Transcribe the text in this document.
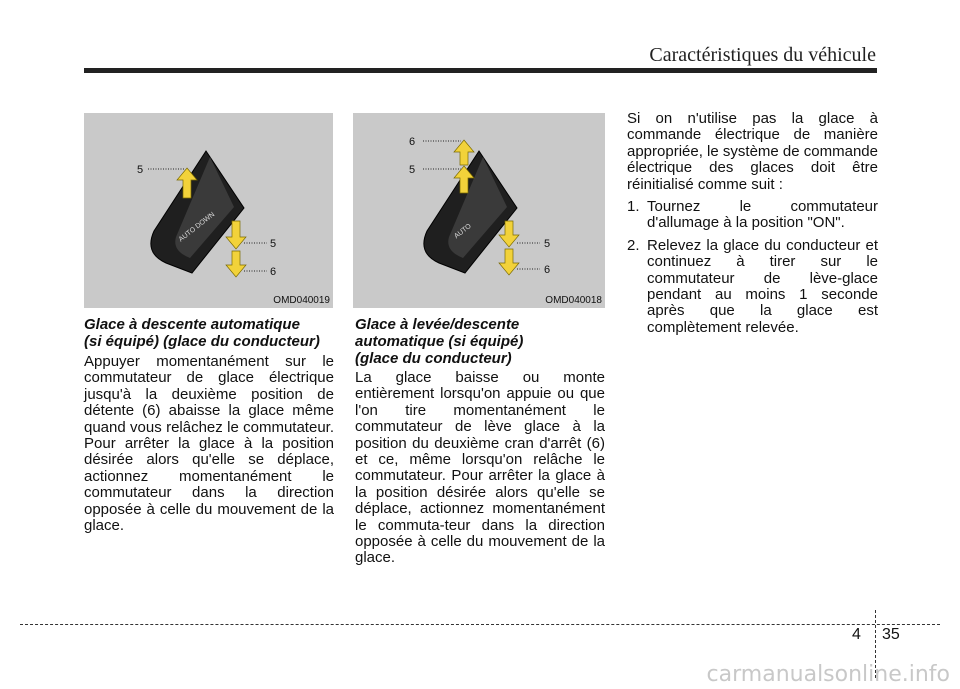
Caractéristiques du véhicule
AUTO DOWN
5
5
6
OMD040019
AUTO
6
5
5
6
OMD040018
Glace à descente automatique
(si équipé) (glace du conducteur)
Appuyer momentanément sur le commutateur de glace électrique jusqu'à la deuxième position de détente (6) abaisse la glace même quand vous relâchez le commutateur. Pour arrêter la glace à la position désirée alors qu'elle se déplace, actionnez momentanément le commutateur dans la direction opposée à celle du mouvement de la glace.
Glace à levée/descente
automatique (si équipé)
(glace du conducteur)
La glace baisse ou monte entièrement lorsqu'on appuie ou que l'on tire momentanément le commutateur de lève glace à la position du deuxième cran d'arrêt (6) et ce, même lorsqu'on relâche le commutateur. Pour arrêter la glace à la position désirée alors qu'elle se déplace, actionnez momentanément le commuta-teur dans la direction opposée à celle du mouvement de la glace.
Si on n'utilise pas la glace à commande électrique de manière appropriée, le système de commande électrique des glaces doit être réinitialisé comme suit :
1. Tournez le commutateur d'allumage à la position "ON".
2. Relevez la glace du conducteur et continuez à tirer sur le commutateur de lève-glace pendant au moins 1 seconde après que la glace est complètement relevée.
4 35
carmanualsonline.info
